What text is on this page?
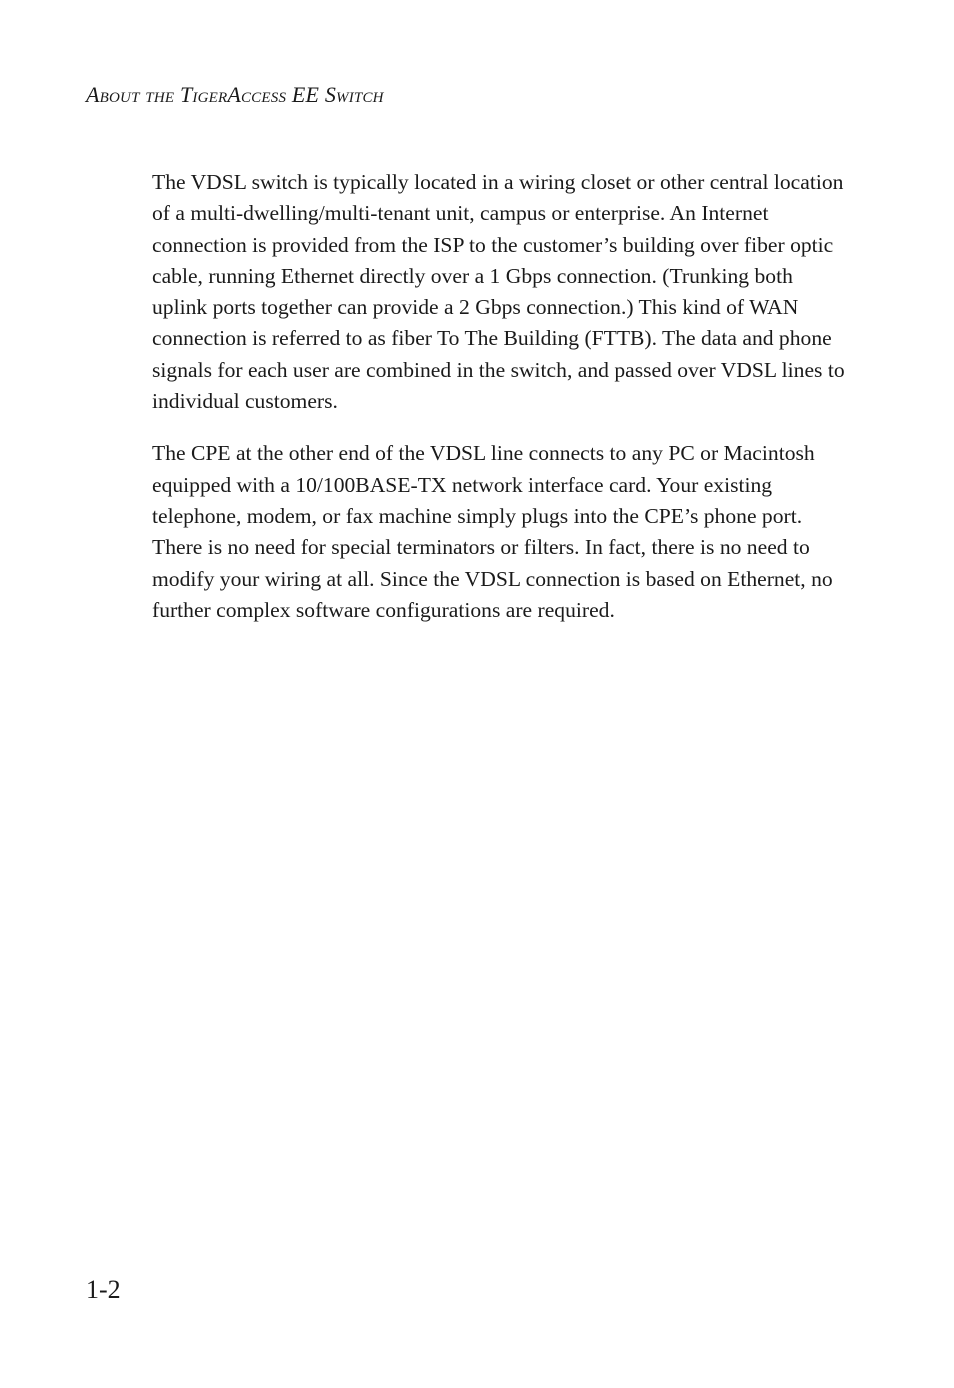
About the TigerAccess EE Switch

The VDSL switch is typically located in a wiring closet or other central location of a multi-dwelling/multi-tenant unit, campus or enterprise. An Internet connection is provided from the ISP to the customer’s building over fiber optic cable, running Ethernet directly over a 1 Gbps connection. (Trunking both uplink ports together can provide a 2 Gbps connection.) This kind of WAN connection is referred to as fiber To The Building (FTTB). The data and phone signals for each user are combined in the switch, and passed over VDSL lines to individual customers.

The CPE at the other end of the VDSL line connects to any PC or Macintosh equipped with a 10/100BASE-TX network interface card. Your existing telephone, modem, or fax machine simply plugs into the CPE’s phone port. There is no need for special terminators or filters. In fact, there is no need to modify your wiring at all. Since the VDSL connection is based on Ethernet, no further complex software configurations are required.

1-2
